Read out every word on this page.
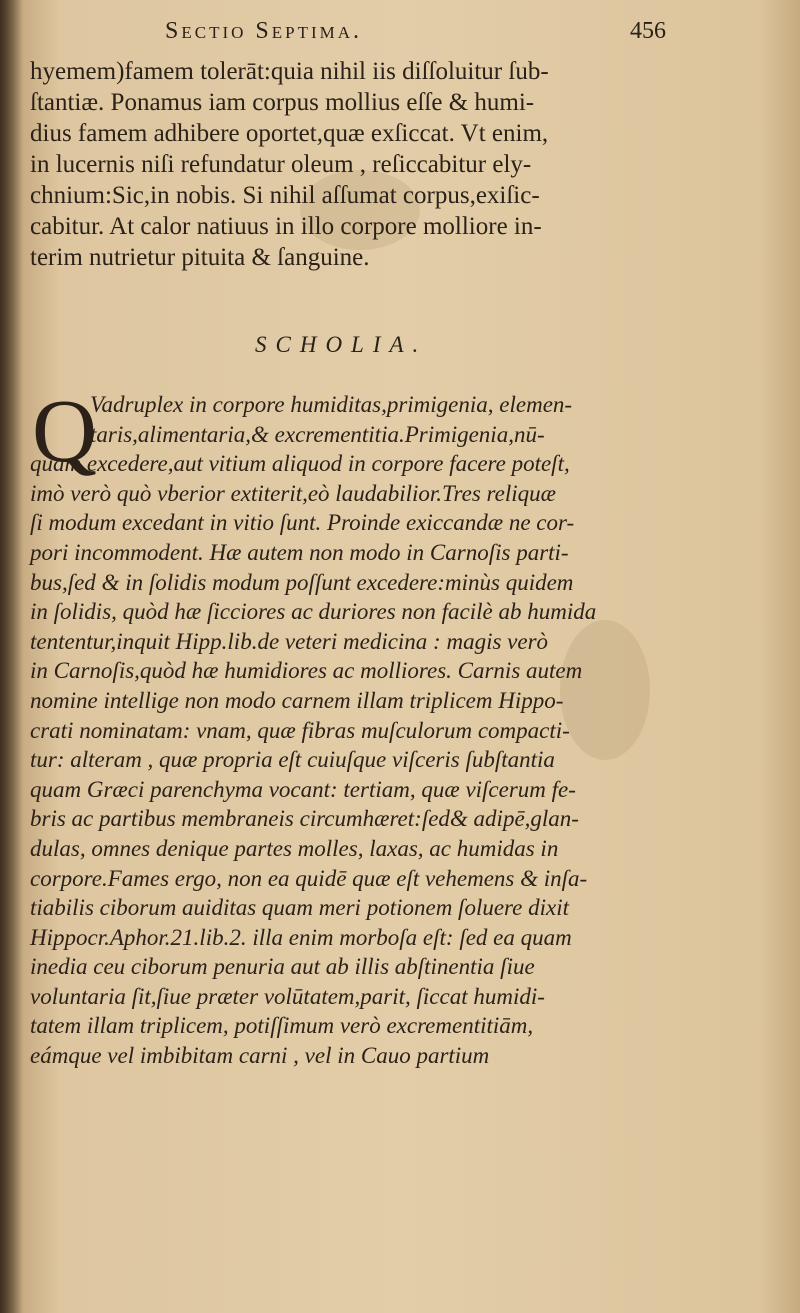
Sectio Septima.	456
hyemem)famem tolerāt:quia nihil iis diſſoluitur ſub-
ſtantiæ. Ponamus iam corpus mollius eſſe & humi-
dius famem adhibere oportet,quæ exſiccat. Vt enim,
in lucernis niſi refundatur oleum , reſiccabitur ely-
chnium:Sic,in nobis. Si nihil aſſumat corpus,exiſic-
cabitur. At calor natiuus in illo corpore molliore in-
terim nutrietur pituita & ſanguine.
SCHOLIA.
Q
Vadruplex in corpore humiditas,primigenia, elemen-
taris,alimentaria,& excrementitia.Primigenia,nū-
quam excedere,aut vitium aliquod in corpore facere poteſt,
imò verò quò vberior extiterit,eò laudabilior.Tres reliquæ
ſi modum excedant in vitio ſunt. Proinde exiccandæ ne cor-
pori incommodent. Hæ autem non modo in Carnoſis parti-
bus,ſed & in ſolidis modum poſſunt excedere:minùs quidem
in ſolidis, quòd hæ ſicciores ac duriores non facilè ab humida
tententur,inquit Hipp.lib.de veteri medicina : magis verò
in Carnoſis,quòd hæ humidiores ac molliores. Carnis autem
nomine intellige non modo carnem illam triplicem Hippo-
crati nominatam: vnam, quæ fibras muſculorum compacti-
tur: alteram , quæ propria eſt cuiuſque viſceris ſubſtantia
quam Græci parenchyma vocant: tertiam, quæ viſcerum fe-
bris ac partibus membraneis circumhæret:ſed& adipē,glan-
dulas, omnes denique partes molles, laxas, ac humidas in
corpore.Fames ergo, non ea quidē quæ eſt vehemens & inſa-
tiabilis ciborum auiditas quam meri potionem ſoluere dixit
Hippocr.Aphor.21.lib.2. illa enim morboſa eſt: ſed ea quam
inedia ceu ciborum penuria aut ab illis abſtinentia ſiue
voluntaria ſit,ſiue præter volūtatem,parit, ſiccat humidi-
tatem illam triplicem, potiſſimum verò excrementitiām,
eámque vel imbibitam carni , vel in Cauo partium
